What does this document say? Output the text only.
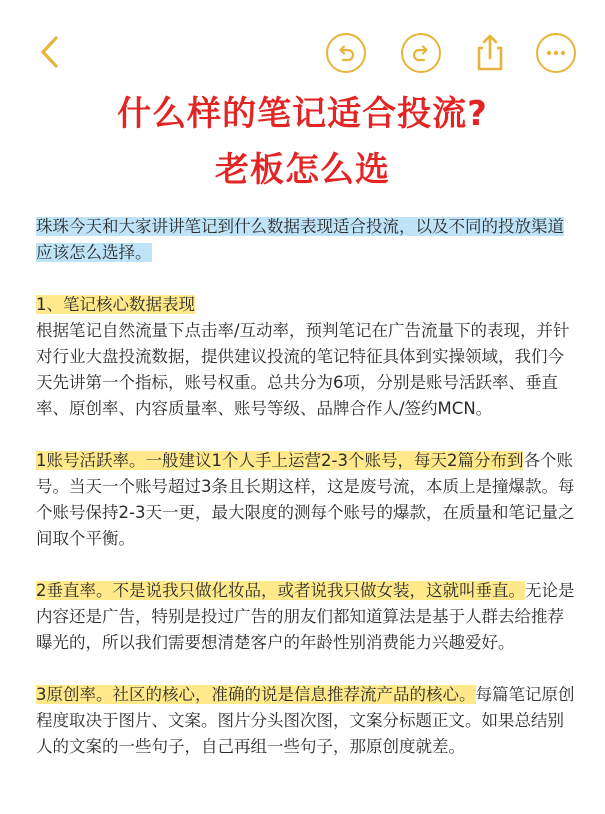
什么样的笔记适合投流?
老板怎么选

珠珠今天和大家讲讲笔记到什么数据表现适合投流，以及不同的投放渠道应该怎么选择。

1、笔记核心数据表现
根据笔记自然流量下点击率/互动率，预判笔记在广告流量下的表现，并针对行业大盘投流数据，提供建议投流的笔记特征具体到实操领域，我们今天先讲第一个指标，账号权重。总共分为6项，分别是账号活跃率、垂直率、原创率、内容质量率、账号等级、品牌合作人/签约MCN。

1账号活跃率。一般建议1个人手上运营2-3个账号，每天2篇分布到各个账号。当天一个账号超过3条且长期这样，这是废号流，本质上是撞爆款。每个账号保持2-3天一更，最大限度的测每个账号的爆款，在质量和笔记量之间取个平衡。

2垂直率。不是说我只做化妆品，或者说我只做女装，这就叫垂直。无论是内容还是广告，特别是投过广告的朋友们都知道算法是基于人群去给推荐曝光的，所以我们需要想清楚客户的年龄性别消费能力兴趣爱好。

3原创率。社区的核心，准确的说是信息推荐流产品的核心。每篇笔记原创程度取决于图片、文案。图片分头图次图，文案分标题正文。如果总结别人的文案的一些句子，自己再组一些句子，那原创度就差。
